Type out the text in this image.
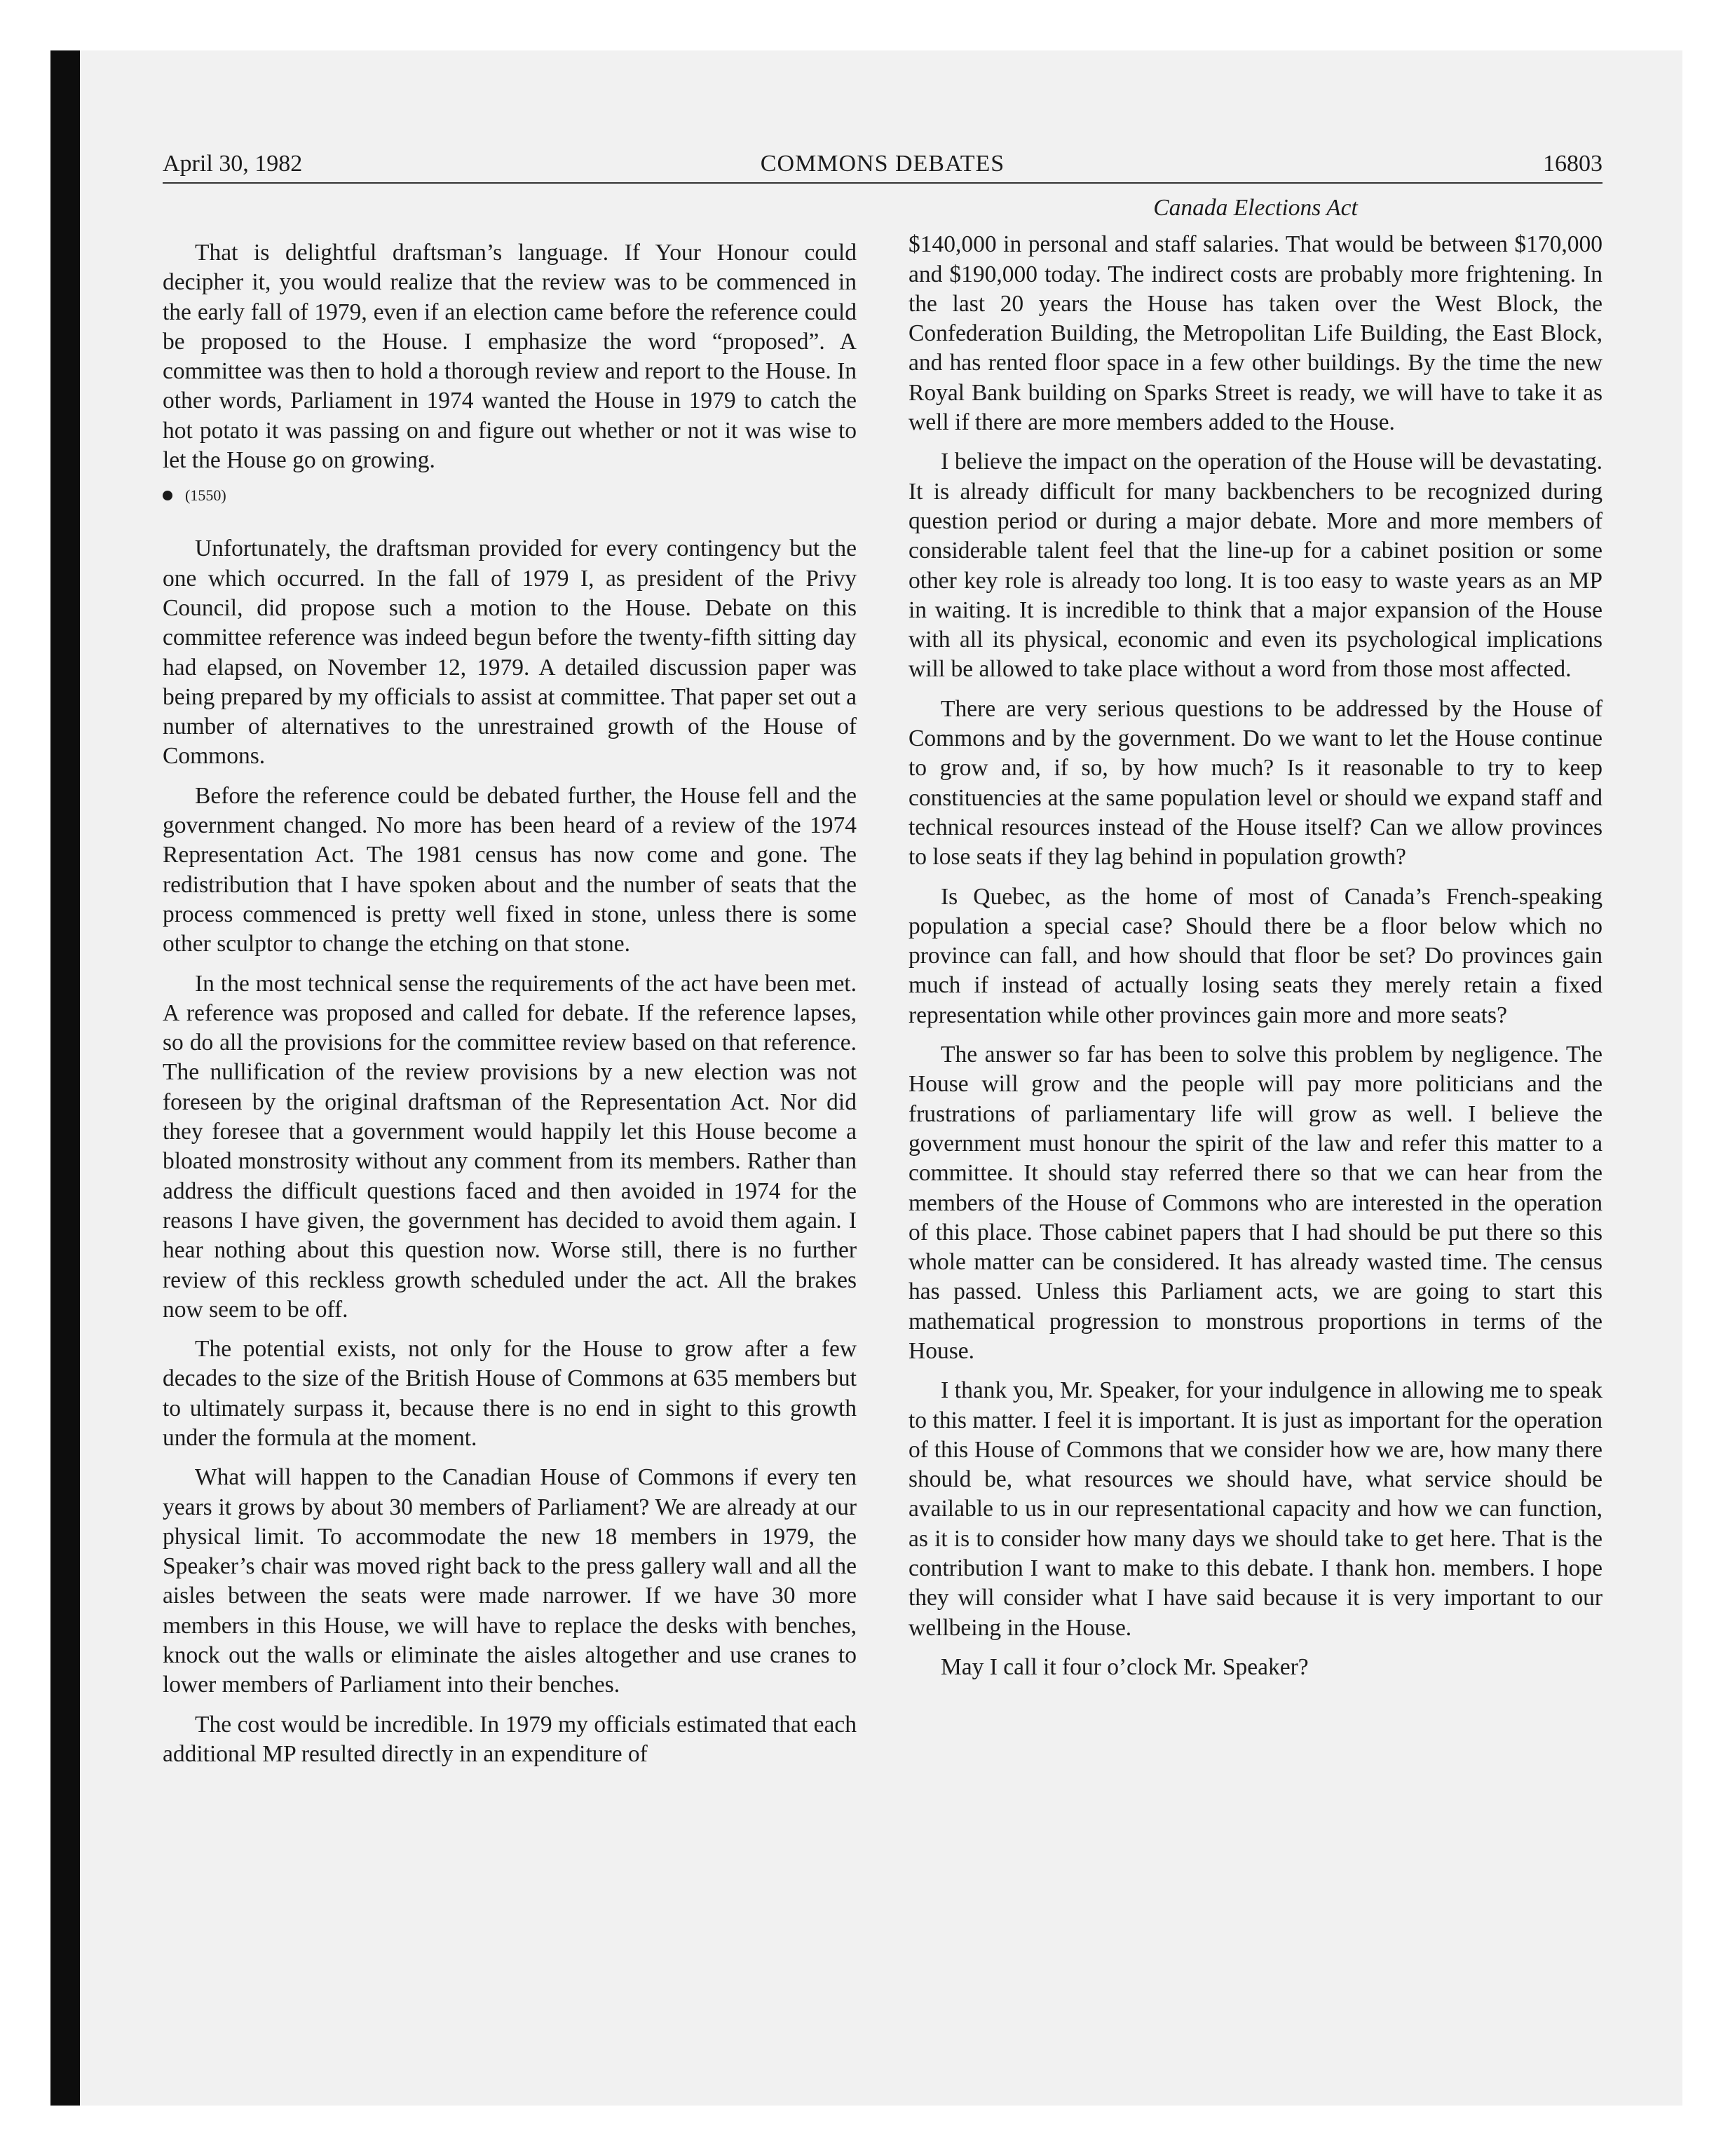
April 30, 1982	COMMONS DEBATES	16803

That is delightful draftsman’s language. If Your Honour could decipher it, you would realize that the review was to be commenced in the early fall of 1979, even if an election came before the reference could be proposed to the House. I emphasize the word “proposed”. A committee was then to hold a thorough review and report to the House. In other words, Parliament in 1974 wanted the House in 1979 to catch the hot potato it was passing on and figure out whether or not it was wise to let the House go on growing.

(1550)

Unfortunately, the draftsman provided for every contingency but the one which occurred. In the fall of 1979 I, as president of the Privy Council, did propose such a motion to the House. Debate on this committee reference was indeed begun before the twenty-fifth sitting day had elapsed, on November 12, 1979. A detailed discussion paper was being prepared by my officials to assist at committee. That paper set out a number of alternatives to the unrestrained growth of the House of Commons.

Before the reference could be debated further, the House fell and the government changed. No more has been heard of a review of the 1974 Representation Act. The 1981 census has now come and gone. The redistribution that I have spoken about and the number of seats that the process commenced is pretty well fixed in stone, unless there is some other sculptor to change the etching on that stone.

In the most technical sense the requirements of the act have been met. A reference was proposed and called for debate. If the reference lapses, so do all the provisions for the committee review based on that reference. The nullification of the review provisions by a new election was not foreseen by the original draftsman of the Representation Act. Nor did they foresee that a government would happily let this House become a bloated monstrosity without any comment from its members. Rather than address the difficult questions faced and then avoided in 1974 for the reasons I have given, the government has decided to avoid them again. I hear nothing about this question now. Worse still, there is no further review of this reckless growth scheduled under the act. All the brakes now seem to be off.

The potential exists, not only for the House to grow after a few decades to the size of the British House of Commons at 635 members but to ultimately surpass it, because there is no end in sight to this growth under the formula at the moment.

What will happen to the Canadian House of Commons if every ten years it grows by about 30 members of Parliament? We are already at our physical limit. To accommodate the new 18 members in 1979, the Speaker’s chair was moved right back to the press gallery wall and all the aisles between the seats were made narrower. If we have 30 more members in this House, we will have to replace the desks with benches, knock out the walls or eliminate the aisles altogether and use cranes to lower members of Parliament into their benches.

The cost would be incredible. In 1979 my officials estimated that each additional MP resulted directly in an expenditure of

Canada Elections Act

$140,000 in personal and staff salaries. That would be between $170,000 and $190,000 today. The indirect costs are probably more frightening. In the last 20 years the House has taken over the West Block, the Confederation Building, the Metropolitan Life Building, the East Block, and has rented floor space in a few other buildings. By the time the new Royal Bank building on Sparks Street is ready, we will have to take it as well if there are more members added to the House.

I believe the impact on the operation of the House will be devastating. It is already difficult for many backbenchers to be recognized during question period or during a major debate. More and more members of considerable talent feel that the line-up for a cabinet position or some other key role is already too long. It is too easy to waste years as an MP in waiting. It is incredible to think that a major expansion of the House with all its physical, economic and even its psychological implications will be allowed to take place without a word from those most affected.

There are very serious questions to be addressed by the House of Commons and by the government. Do we want to let the House continue to grow and, if so, by how much? Is it reasonable to try to keep constituencies at the same population level or should we expand staff and technical resources instead of the House itself? Can we allow provinces to lose seats if they lag behind in population growth?

Is Quebec, as the home of most of Canada’s French-speaking population a special case? Should there be a floor below which no province can fall, and how should that floor be set? Do provinces gain much if instead of actually losing seats they merely retain a fixed representation while other provinces gain more and more seats?

The answer so far has been to solve this problem by negligence. The House will grow and the people will pay more politicians and the frustrations of parliamentary life will grow as well. I believe the government must honour the spirit of the law and refer this matter to a committee. It should stay referred there so that we can hear from the members of the House of Commons who are interested in the operation of this place. Those cabinet papers that I had should be put there so this whole matter can be considered. It has already wasted time. The census has passed. Unless this Parliament acts, we are going to start this mathematical progression to monstrous proportions in terms of the House.

I thank you, Mr. Speaker, for your indulgence in allowing me to speak to this matter. I feel it is important. It is just as important for the operation of this House of Commons that we consider how we are, how many there should be, what resources we should have, what service should be available to us in our representational capacity and how we can function, as it is to consider how many days we should take to get here. That is the contribution I want to make to this debate. I thank hon. members. I hope they will consider what I have said because it is very important to our wellbeing in the House.

May I call it four o’clock Mr. Speaker?
